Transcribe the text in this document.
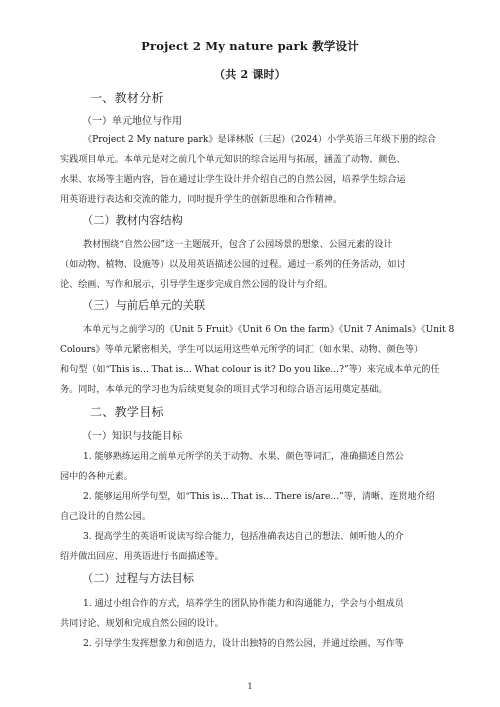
Project 2 My nature park 教学设计

（共 2 课时）

一、教材分析

（一）单元地位与作用

《Project 2 My nature park》是译林版（三起）（2024）小学英语三年级下册的综合

实践项目单元。本单元是对之前几个单元知识的综合运用与拓展，涵盖了动物、颜色、

水果、农场等主题内容，旨在通过让学生设计并介绍自己的自然公园，培养学生综合运

用英语进行表达和交流的能力，同时提升学生的创新思维和合作精神。

（二）教材内容结构

教材围绕“自然公园”这一主题展开，包含了公园场景的想象、公园元素的设计

（如动物、植物、设施等）以及用英语描述公园的过程。通过一系列的任务活动，如讨

论、绘画、写作和展示，引导学生逐步完成自然公园的设计与介绍。

（三）与前后单元的关联

本单元与之前学习的《Unit 5 Fruit》《Unit 6 On the farm》《Unit 7 Animals》《Unit 8

Colours》等单元紧密相关，学生可以运用这些单元所学的词汇（如水果、动物、颜色等）

和句型（如“This is... That is... What colour is it? Do you like...?”等）来完成本单元的任

务。同时，本单元的学习也为后续更复杂的项目式学习和综合语言运用奠定基础。

二、教学目标

（一）知识与技能目标

1. 能够熟练运用之前单元所学的关于动物、水果、颜色等词汇，准确描述自然公

园中的各种元素。

2. 能够运用所学句型，如“This is... That is... There is/are...”等，清晰、连贯地介绍

自己设计的自然公园。

3. 提高学生的英语听说读写综合能力，包括准确表达自己的想法、倾听他人的介

绍并做出回应、用英语进行书面描述等。

（二）过程与方法目标

1. 通过小组合作的方式，培养学生的团队协作能力和沟通能力，学会与小组成员

共同讨论、规划和完成自然公园的设计。

2. 引导学生发挥想象力和创造力，设计出独特的自然公园，并通过绘画、写作等

1
